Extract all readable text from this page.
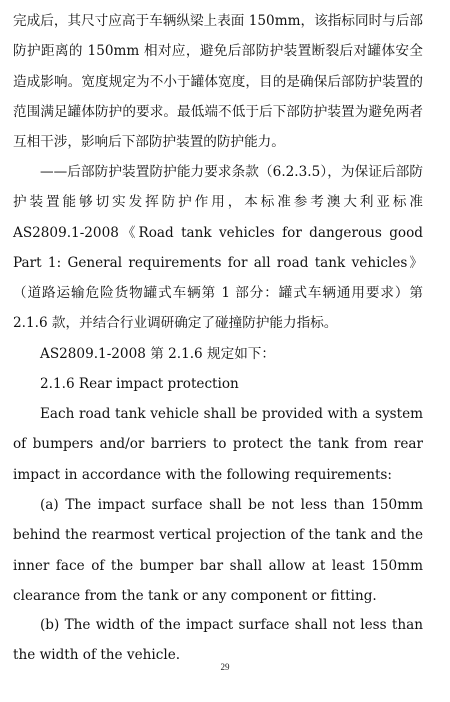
完成后，其尺寸应高于车辆纵梁上表面 150mm，该指标同时与后部防护距离的 150mm 相对应，避免后部防护装置断裂后对罐体安全造成影响。宽度规定为不小于罐体宽度，目的是确保后部防护装置的范围满足罐体防护的要求。最低端不低于后下部防护装置为避免两者互相干涉，影响后下部防护装置的防护能力。

——后部防护装置防护能力要求条款（6.2.3.5），为保证后部防护装置能够切实发挥防护作用，本标准参考澳大利亚标准 AS2809.1-2008《Road tank vehicles for dangerous good Part 1: General requirements for all road tank vehicles》（道路运输危险货物罐式车辆第 1 部分：罐式车辆通用要求）第 2.1.6 款，并结合行业调研确定了碰撞防护能力指标。

AS2809.1-2008 第 2.1.6 规定如下：

2.1.6 Rear impact protection

Each road tank vehicle shall be provided with a system of bumpers and/or barriers to protect the tank from rear impact in accordance with the following requirements:

(a) The impact surface shall be not less than 150mm behind the rearmost vertical projection of the tank and the inner face of the bumper bar shall allow at least 150mm clearance from the tank or any component or fitting.

(b) The width of the impact surface shall not less than the width of the vehicle.

29
